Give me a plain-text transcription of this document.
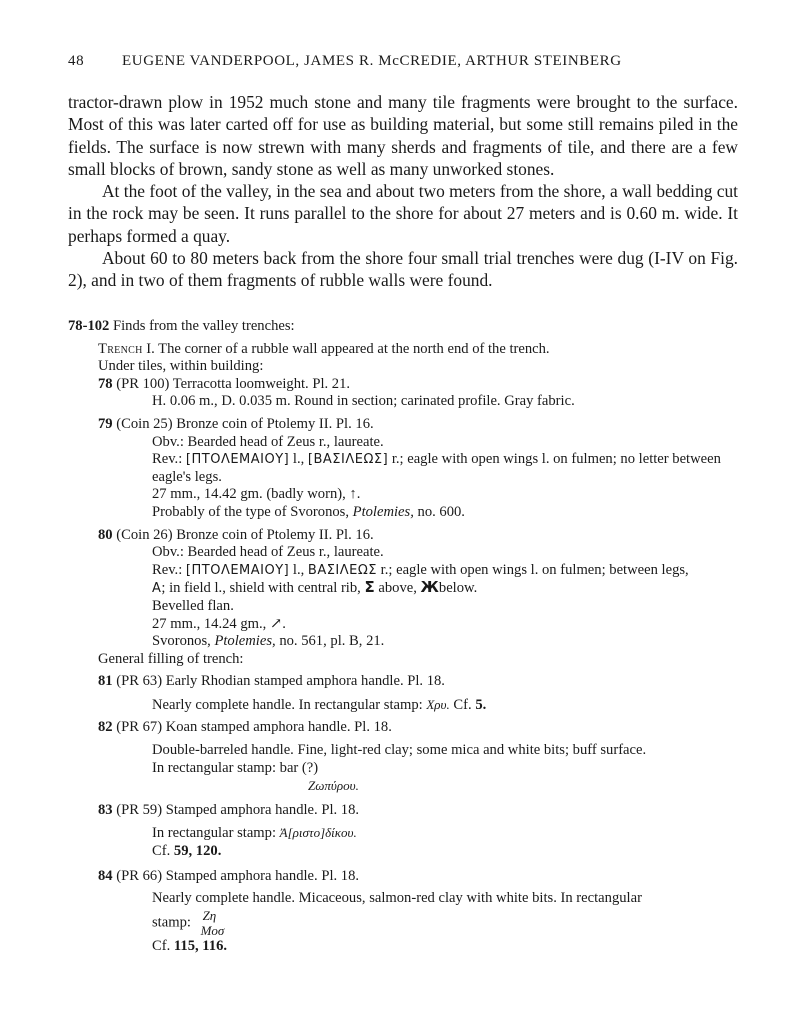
48	EUGENE VANDERPOOL, JAMES R. McCREDIE, ARTHUR STEINBERG

tractor-drawn plow in 1952 much stone and many tile fragments were brought to the surface. Most of this was later carted off for use as building material, but some still remains piled in the fields. The surface is now strewn with many sherds and fragments of tile, and there are a few small blocks of brown, sandy stone as well as many unworked stones.

At the foot of the valley, in the sea and about two meters from the shore, a wall bedding cut in the rock may be seen. It runs parallel to the shore for about 27 meters and is 0.60 m. wide. It perhaps formed a quay.

About 60 to 80 meters back from the shore four small trial trenches were dug (I-IV on Fig. 2), and in two of them fragments of rubble walls were found.

78-102 Finds from the valley trenches:
Trench I. The corner of a rubble wall appeared at the north end of the trench.
Under tiles, within building:
78 (PR 100) Terracotta loomweight. Pl. 21.
H. 0.06 m., D. 0.035 m. Round in section; carinated profile. Gray fabric.
79 (Coin 25) Bronze coin of Ptolemy II. Pl. 16.
Obv.: Bearded head of Zeus r., laureate.
Rev.: [ΠΤΟΛΕΜΑΙΟΥ] l., [ΒΑΣΙΛΕΩΣ] r.; eagle with open wings l. on fulmen; no letter between eagle's legs.
27 mm., 14.42 gm. (badly worn), ↑.
Probably of the type of Svoronos, Ptolemies, no. 600.
80 (Coin 26) Bronze coin of Ptolemy II. Pl. 16.
Obv.: Bearded head of Zeus r., laureate.
Rev.: [ΠΤΟΛΕΜΑΙΟΥ] l., ΒΑΣΙΛΕΩΣ r.; eagle with open wings l. on fulmen; between legs,
A; in field l., shield with central rib, Σ above, Жbelow.
Bevelled flan.
27 mm., 14.24 gm., ↗.
Svoronos, Ptolemies, no. 561, pl. B, 21.
General filling of trench:
81 (PR 63) Early Rhodian stamped amphora handle. Pl. 18.
Nearly complete handle. In rectangular stamp: Χρυ. Cf. 5.
82 (PR 67) Koan stamped amphora handle. Pl. 18.
Double-barreled handle. Fine, light-red clay; some mica and white bits; buff surface.
In rectangular stamp: bar (?)
Ζωπύρου.
83 (PR 59) Stamped amphora handle. Pl. 18.
In rectangular stamp: Ἀ[ριστο]δίκου.
Cf. 59, 120.
84 (PR 66) Stamped amphora handle. Pl. 18.
Nearly complete handle. Micaceous, salmon-red clay with white bits. In rectangular
stamp: Ζη
Μοσ
Cf. 115, 116.
